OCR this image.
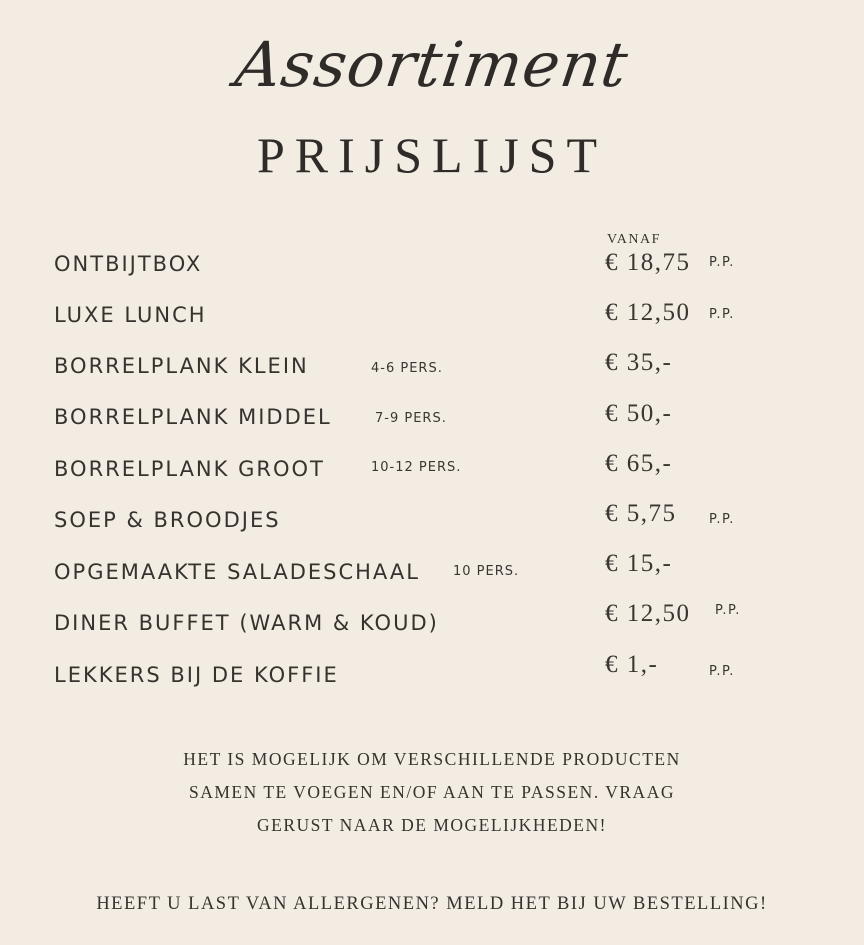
Assortiment
PRIJSLIJST
VANAF
ONTBIJTBOX	€ 18,75 P.P.
LUXE LUNCH	€ 12,50 P.P.
BORRELPLANK KLEIN	4-6 PERS.	€ 35,-
BORRELPLANK MIDDEL	7-9 PERS.	€ 50,-
BORRELPLANK GROOT	10-12 PERS.	€ 65,-
SOEP & BROODJES	€ 5,75	P.P.
OPGEMAAKTE SALADESCHAAL	10 PERS.	€ 15,-
DINER BUFFET (WARM & KOUD)	€ 12,50 P.P.
LEKKERS BIJ DE KOFFIE	€ 1,-	P.P.
HET IS MOGELIJK OM VERSCHILLENDE PRODUCTEN
SAMEN TE VOEGEN EN/OF AAN TE PASSEN. VRAAG
GERUST NAAR DE MOGELIJKHEDEN!
HEEFT U LAST VAN ALLERGENEN? MELD HET BIJ UW BESTELLING!
